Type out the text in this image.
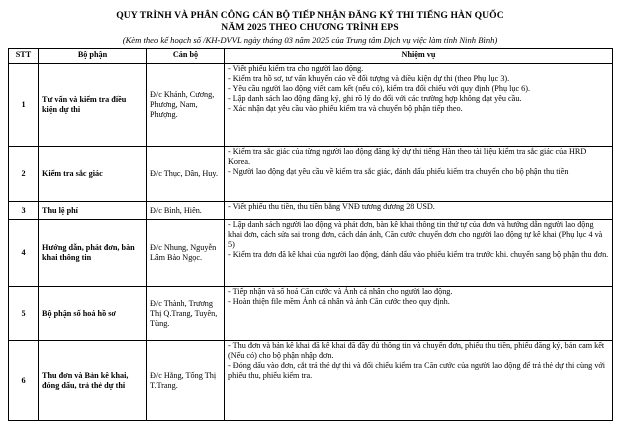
QUY TRÌNH VÀ PHÂN CÔNG CÁN BỘ TIẾP NHẬN ĐĂNG KÝ THI TIẾNG HÀN QUỐC
NĂM 2025 THEO CHƯƠNG TRÌNH EPS
(Kèm theo kế hoạch số /KH-DVVL ngày tháng 03 năm 2025 của Trung tâm Dịch vụ việc làm tỉnh Ninh Bình)
STT	Bộ phận	Cán bộ	Nhiệm vụ
1	Tư vấn và kiểm tra điều kiện dự thi	Đ/c Khánh, Cương, Phương, Nam, Phượng.	- Viết phiếu kiểm tra cho người lao động.
- Kiểm tra hồ sơ, tư vấn khuyến cáo về đối tượng và điều kiện dự thi (theo Phụ lục 3).
- Yêu cầu người lao động viết cam kết (nếu có), kiểm tra đối chiếu với quy định (Phụ lục 6).
- Lập danh sách lao động đăng ký, ghi rõ lý do đổi với các trường hợp không đạt yêu cầu.
- Xác nhận đạt yêu cầu vào phiếu kiểm tra và chuyển bộ phận tiếp theo.

2	Kiểm tra sắc giác	Đ/c Thục, Dân, Huy.	- Kiểm tra sắc giác của từng người lao động đăng ký dự thi tiếng Hàn theo tài liệu kiểm tra sắc giác của HRD Korea.
- Người lao động đạt yêu cầu về kiểm tra sắc giác, đánh dấu phiếu kiểm tra chuyển cho bộ phận thu tiền

3	Thu lệ phí	Đ/c Bình, Hiên.	- Viết phiếu thu tiền, thu tiền bằng VNĐ tương đương 28 USD.

4	Hướng dẫn, phát đơn, bàn khai thông tin	Đ/c Nhung, Nguyễn Lâm Bảo Ngọc.	- Lập danh sách người lao động và phát đơn, bàn kê khai thông tin thứ tự của đơn và hướng dẫn người lao động khai đơn, cách sửa sai trong đơn, cách dán ảnh, Căn cước chuyển đơn cho người lao động tự kê khai (Phụ lục 4 và 5)
- Kiểm tra đơn đã kê khai của người lao động, đánh dấu vào phiếu kiểm tra trước khi. chuyển sang bộ phận thu đơn.

5	Bộ phận số hoá hồ sơ	Đ/c Thành, Trương Thị Q.Trang, Tuyên, Tùng.	- Tiếp nhận và số hoá Căn cước và Ảnh cá nhân cho người lao động.
- Hoàn thiện file mềm Ảnh cá nhân và ảnh Căn cước theo quy định.

6	Thu đơn và Bản kê khai, đóng dấu, trả thẻ dự thi	Đ/c Hằng, Tống Thị T.Trang.	- Thu đơn và bản kê khai đã kê khai đã đầy đủ thông tin và chuyển đơn, phiếu thu tiền, phiếu đăng ký, bản cam kết (Nếu có) cho bộ phận nhập đơn.
- Đóng dấu vào đơn, cắt trả thẻ dự thi và đối chiếu kiểm tra Căn cước của người lao động để trả thẻ dự thi cùng với phiếu thu, phiếu kiểm tra.
